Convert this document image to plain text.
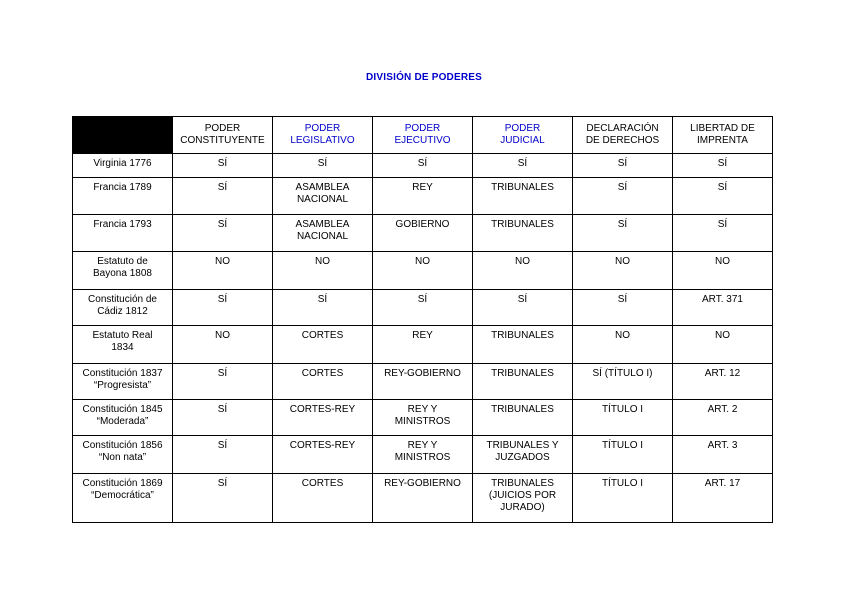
DIVISIÓN DE PODERES
	PODER
CONSTITUYENTE	PODER
LEGISLATIVO	PODER
EJECUTIVO	PODER
JUDICIAL	DECLARACIÓN
DE DERECHOS	LIBERTAD DE
IMPRENTA
Virginia 1776	SÍ	SÍ	SÍ	SÍ	SÍ	SÍ
Francia 1789	SÍ	ASAMBLEA
NACIONAL	REY	TRIBUNALES	SÍ	SÍ
Francia 1793	SÍ	ASAMBLEA
NACIONAL	GOBIERNO	TRIBUNALES	SÍ	SÍ
Estatuto de
Bayona 1808	NO	NO	NO	NO	NO	NO
Constitución de
Cádiz 1812	SÍ	SÍ	SÍ	SÍ	SÍ	ART. 371
Estatuto Real
1834	NO	CORTES	REY	TRIBUNALES	NO	NO
Constitución 1837
“Progresista”	SÍ	CORTES	REY-GOBIERNO	TRIBUNALES	SÍ (TÍTULO I)	ART. 12
Constitución 1845
“Moderada”	SÍ	CORTES-REY	REY Y
MINISTROS	TRIBUNALES	TÍTULO I	ART. 2
Constitución 1856
“Non nata”	SÍ	CORTES-REY	REY Y
MINISTROS	TRIBUNALES Y
JUZGADOS	TÍTULO I	ART. 3
Constitución 1869
“Democrática”	SÍ	CORTES	REY-GOBIERNO	TRIBUNALES
(JUICIOS POR
JURADO)	TÍTULO I	ART. 17
